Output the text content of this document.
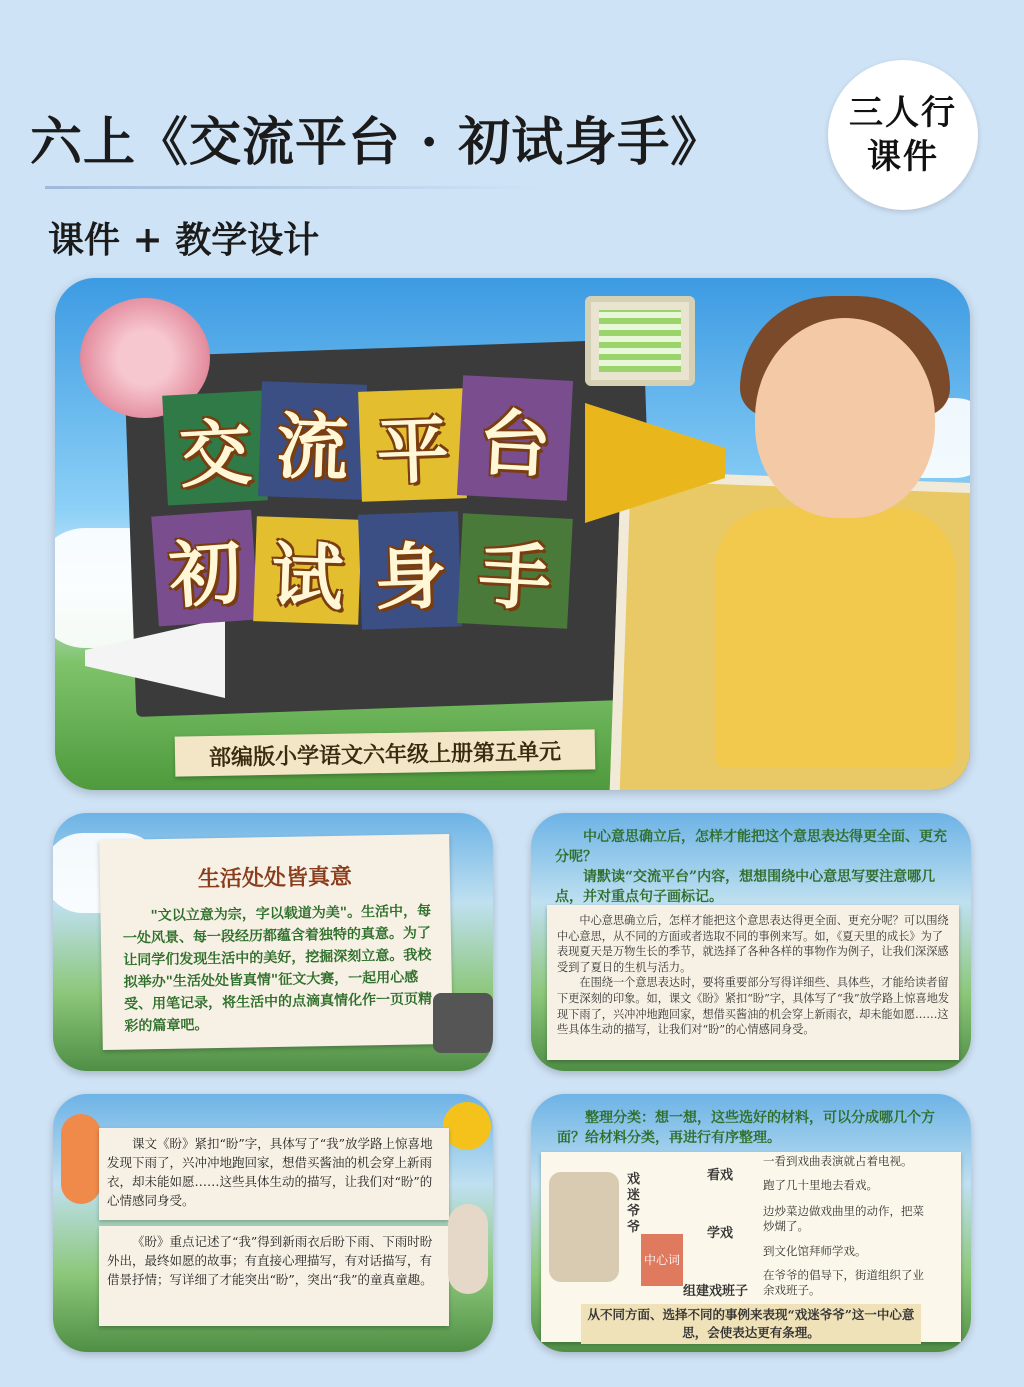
六上《交流平台 · 初试身手》
课件 + 教学设计
三人行
课件
交 流 平 台
初 试 身 手
部编版小学语文六年级上册第五单元
生活处处皆真意
"文以立意为宗，字以载道为美"。生活中，每一处风景、每一段经历都蕴含着独特的真意。为了让同学们发现生活中的美好，挖掘深刻立意。我校拟举办"生活处处皆真情"征文大赛，一起用心感受、用笔记录，将生活中的点滴真情化作一页页精彩的篇章吧。
中心意思确立后，怎样才能把这个意思表达得更全面、更充分呢？
请默读“交流平台”内容，想想围绕中心意思写要注意哪几点，并对重点句子画标记。
中心意思确立后，怎样才能把这个意思表达得更全面、更充分呢？可以围绕中心意思，从不同的方面或者选取不同的事例来写。如，《夏天里的成长》为了表现夏天是万物生长的季节，就选择了各种各样的事物作为例子，让我们深深感受到了夏日的生机与活力。
在围绕一个意思表达时，要将重要部分写得详细些、具体些，才能给读者留下更深刻的印象。如，课文《盼》紧扣“盼”字，具体写了“我”放学路上惊喜地发现下雨了，兴冲冲地跑回家，想借买酱油的机会穿上新雨衣，却未能如愿……这些具体生动的描写，让我们对“盼”的心情感同身受。
课文《盼》紧扣“盼”字，具体写了“我”放学路上惊喜地发现下雨了，兴冲冲地跑回家，想借买酱油的机会穿上新雨衣，却未能如愿……这些具体生动的描写，让我们对“盼”的心情感同身受。
《盼》重点记述了“我”得到新雨衣后盼下雨、下雨时盼外出，最终如愿的故事；有直接心理描写，有对话描写，有借景抒情；写详细了才能突出“盼”，突出“我”的童真童趣。
整理分类：想一想，这些选好的材料，可以分成哪几个方面？给材料分类，再进行有序整理。
戏迷爷爷
中心词
看戏
一看到戏曲表演就占着电视。
跑了几十里地去看戏。
学戏
边炒菜边做戏曲里的动作，把菜炒煳了。
到文化馆拜师学戏。
组建戏班子
在爷爷的倡导下，街道组织了业余戏班子。
从不同方面、选择不同的事例来表现“戏迷爷爷”这一中心意思，会使表达更有条理。
